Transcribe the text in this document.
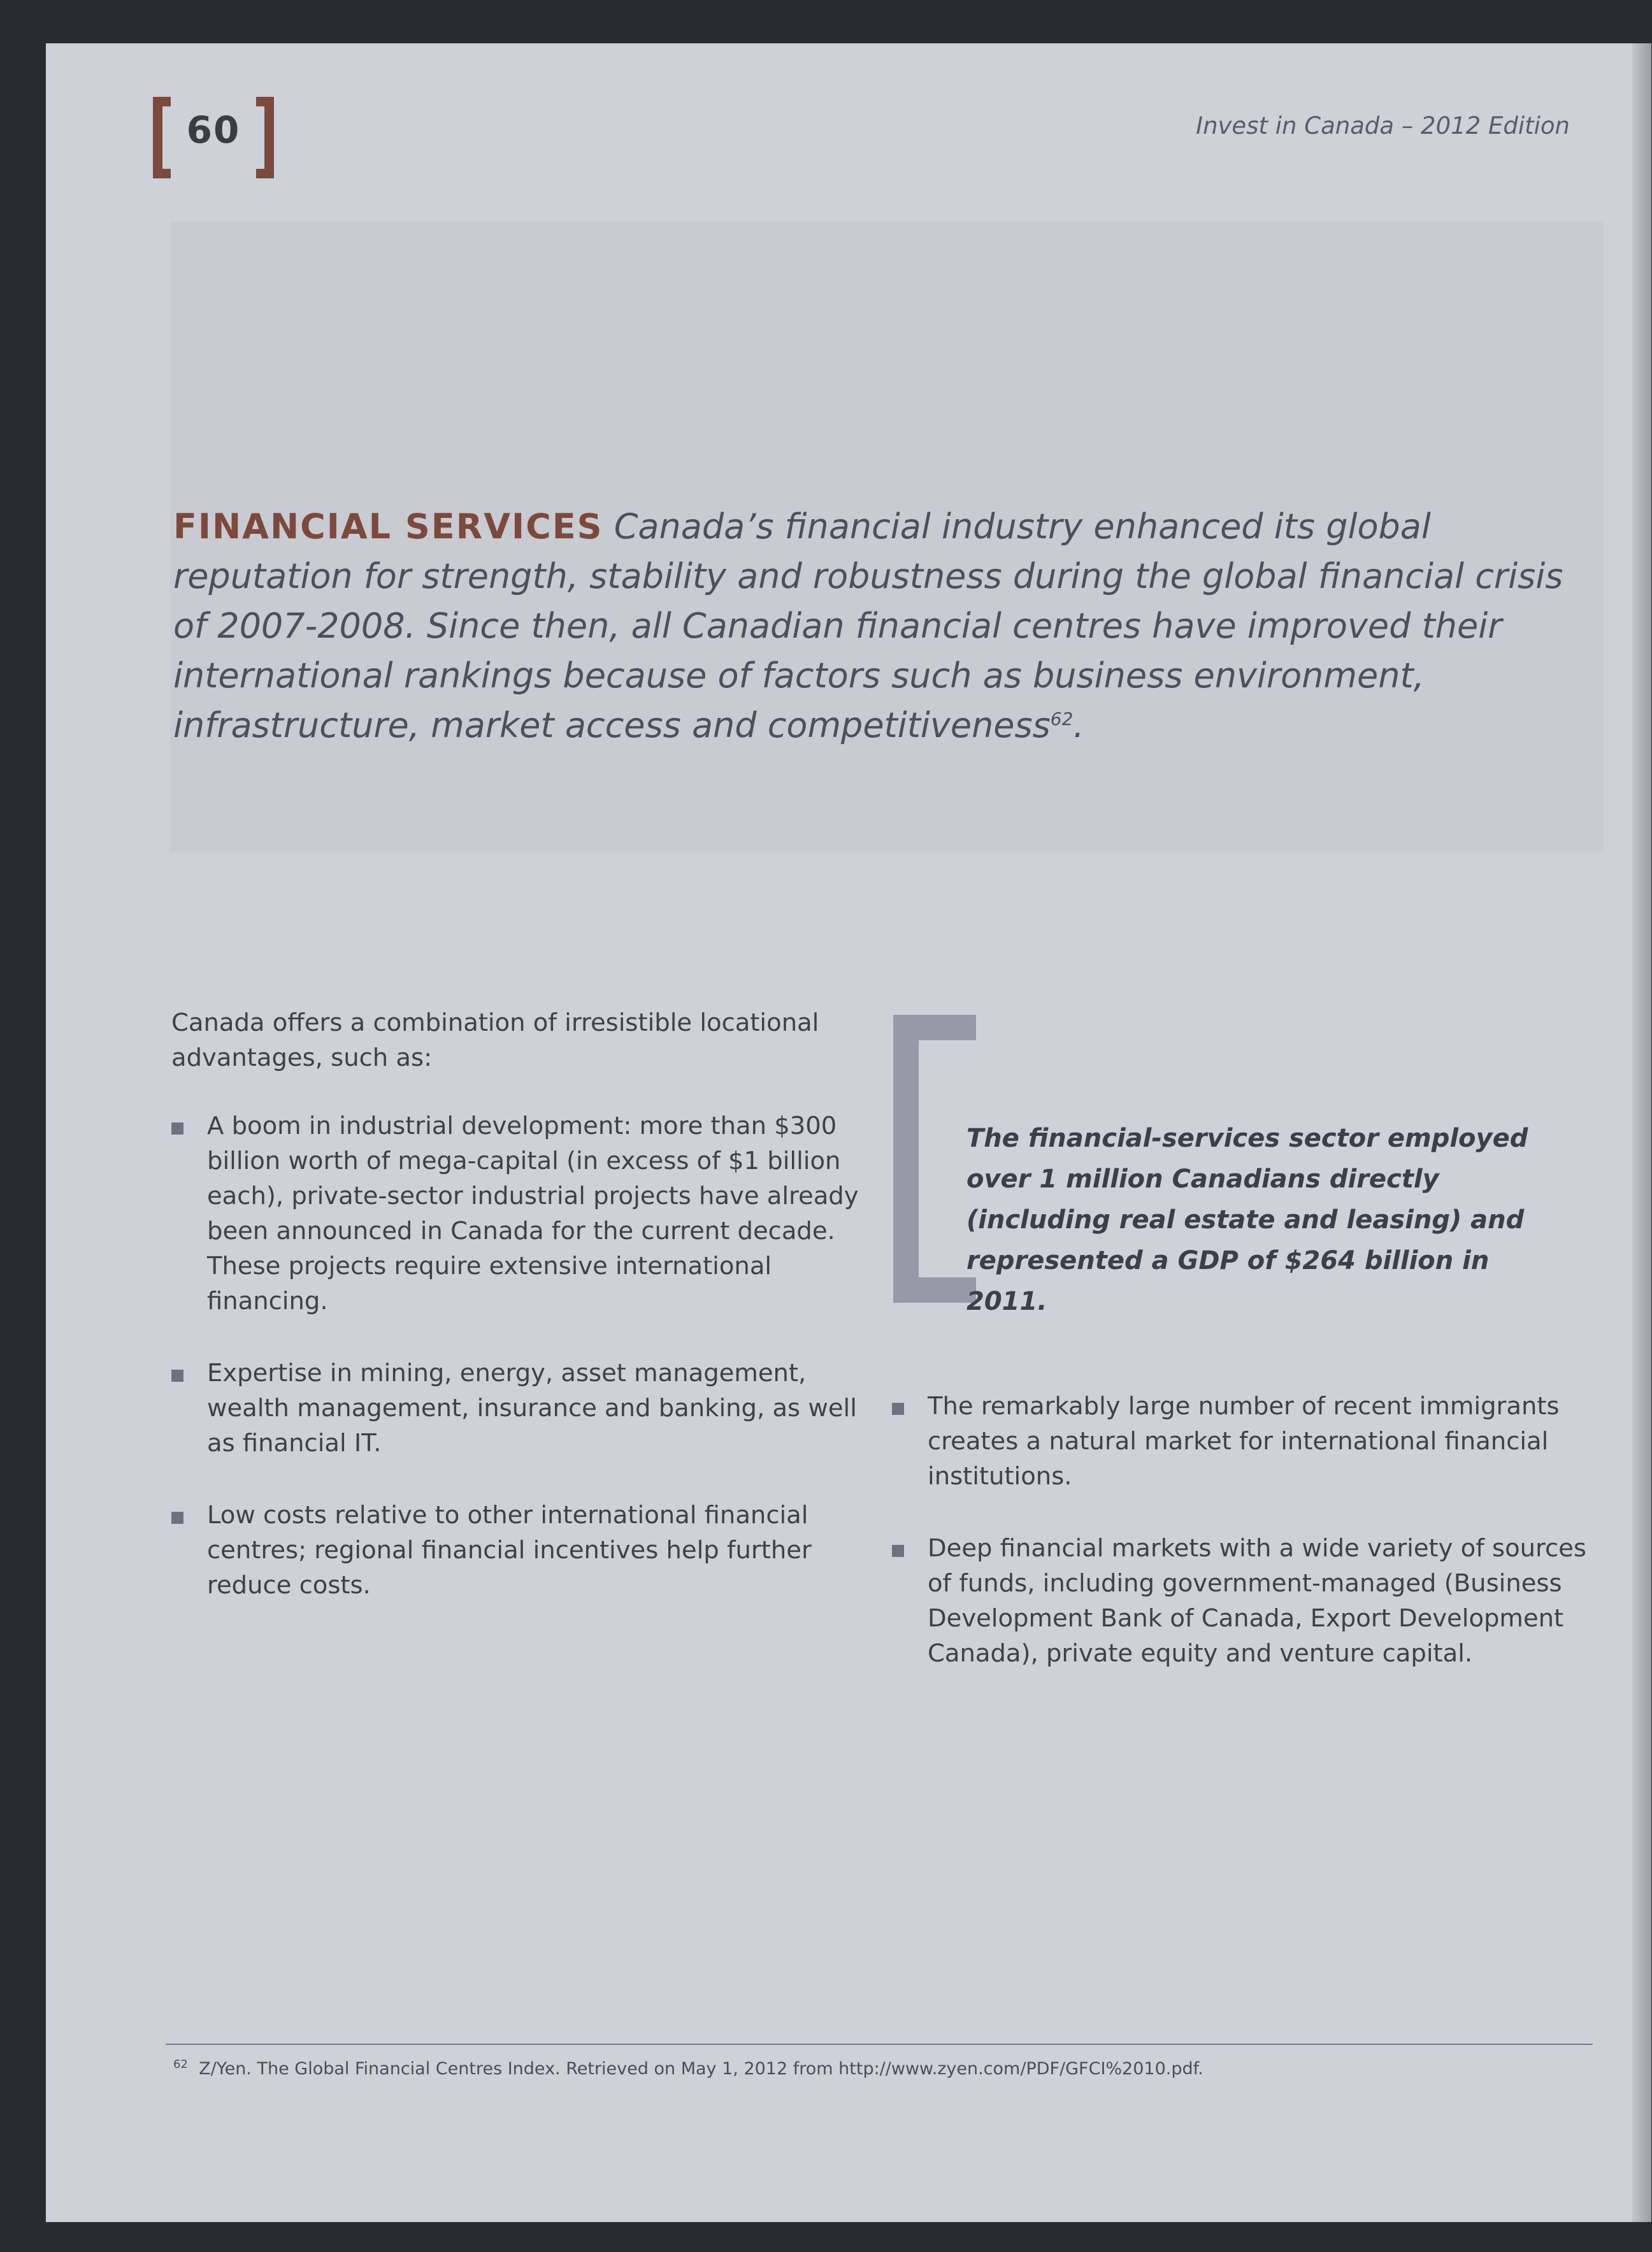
60	Invest in Canada – 2012 Edition
FINANCIAL SERVICES Canada’s financial industry enhanced its global reputation for strength, stability and robustness during the global financial crisis of 2007-2008. Since then, all Canadian financial centres have improved their international rankings because of factors such as business environment, infrastructure, market access and competitiveness$^{62}$.

Canada offers a combination of irresistible locational advantages, such as:

A boom in industrial development: more than $300 billion worth of mega-capital (in excess of $1 billion each), private-sector industrial projects have already been announced in Canada for the current decade. These projects require extensive international financing.
Expertise in mining, energy, asset management, wealth management, insurance and banking, as well as financial IT.
Low costs relative to other international financial centres; regional financial incentives help further reduce costs.
The financial-services sector employed over 1 million Canadians directly (including real estate and leasing) and represented a GDP of $264 billion in 2011.
The remarkably large number of recent immigrants creates a natural market for international financial institutions.
Deep financial markets with a wide variety of sources of funds, including government-managed (Business Development Bank of Canada, Export Development Canada), private equity and venture capital.
$^{62}$ Z/Yen. The Global Financial Centres Index. Retrieved on May 1, 2012 from http://www.zyen.com/PDF/GFCI%2010.pdf.
